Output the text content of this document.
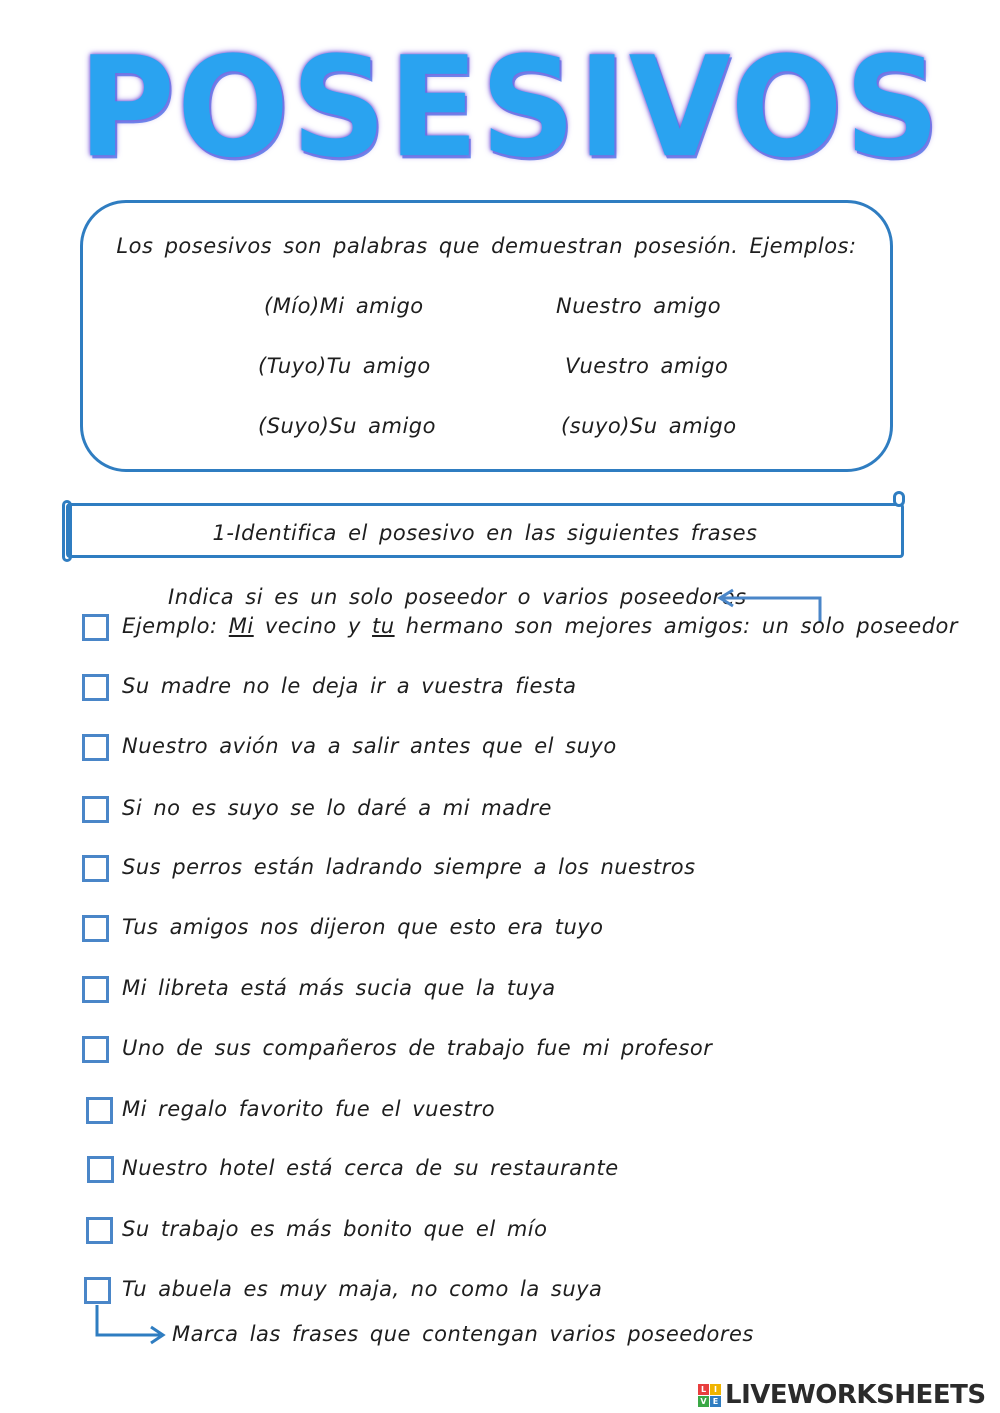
POSESIVOS
Los posesivos son palabras que demuestran posesión. Ejemplos:
(Mío)Mi amigo
(Tuyo)Tu amigo
(Suyo)Su amigo
Nuestro amigo
Vuestro amigo
(suyo)Su amigo
1-Identifica el posesivo en las siguientes frases
Indica si es un solo poseedor o varios poseedores
Ejemplo: Mi vecino y tu hermano son mejores amigos: un solo poseedor
Su madre no le deja ir a vuestra fiesta
Nuestro avión va a salir antes que el suyo
Si no es suyo se lo daré a mi madre
Sus perros están ladrando siempre a los nuestros
Tus amigos nos dijeron que esto era tuyo
Mi libreta está más sucia que la tuya
Uno de sus compañeros de trabajo fue mi profesor
Mi regalo favorito fue el vuestro
Nuestro hotel está cerca de su restaurante
Su trabajo es más bonito que el mío
Tu abuela es muy maja, no como la suya
Marca las frases que contengan varios poseedores
L I
V E LIVEWORKSHEETS
